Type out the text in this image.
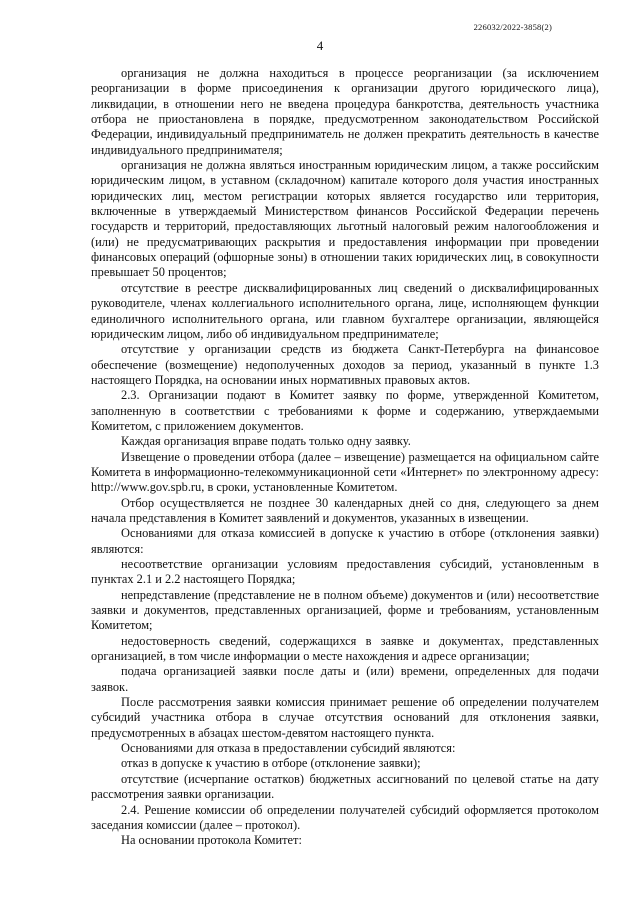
226032/2022-3858(2)
4

организация не должна находиться в процессе реорганизации (за исключением реорганизации в форме присоединения к организации другого юридического лица), ликвидации, в отношении него не введена процедура банкротства, деятельность участника отбора не приостановлена в порядке, предусмотренном законодательством Российской Федерации, индивидуальный предприниматель не должен прекратить деятельность в качестве индивидуального предпринимателя;

организация не должна являться иностранным юридическим лицом, а также российским юридическим лицом, в уставном (складочном) капитале которого доля участия иностранных юридических лиц, местом регистрации которых является государство или территория, включенные в утверждаемый Министерством финансов Российской Федерации перечень государств и территорий, предоставляющих льготный налоговый режим налогообложения и (или) не предусматривающих раскрытия и предоставления информации при проведении финансовых операций (офшорные зоны) в отношении таких юридических лиц, в совокупности превышает 50 процентов;

отсутствие в реестре дисквалифицированных лиц сведений о дисквалифицированных руководителе, членах коллегиального исполнительного органа, лице, исполняющем функции единоличного исполнительного органа, или главном бухгалтере организации, являющейся юридическим лицом, либо об индивидуальном предпринимателе;

отсутствие у организации средств из бюджета Санкт-Петербурга на финансовое обеспечение (возмещение) недополученных доходов за период, указанный в пункте 1.3 настоящего Порядка, на основании иных нормативных правовых актов.

2.3. Организации подают в Комитет заявку по форме, утвержденной Комитетом, заполненную в соответствии с требованиями к форме и содержанию, утверждаемыми Комитетом, с приложением документов.

Каждая организация вправе подать только одну заявку.

Извещение о проведении отбора (далее – извещение) размещается на официальном сайте Комитета в информационно-телекоммуникационной сети «Интернет» по электронному адресу: http://www.gov.spb.ru, в сроки, установленные Комитетом.

Отбор осуществляется не позднее 30 календарных дней со дня, следующего за днем начала представления в Комитет заявлений и документов, указанных в извещении.

Основаниями для отказа комиссией в допуске к участию в отборе (отклонения заявки) являются:

несоответствие организации условиям предоставления субсидий, установленным в пунктах 2.1 и 2.2 настоящего Порядка;

непредставление (представление не в полном объеме) документов и (или) несоответствие заявки и документов, представленных организацией, форме и требованиям, установленным Комитетом;

недостоверность сведений, содержащихся в заявке и документах, представленных организацией, в том числе информации о месте нахождения и адресе организации;

подача организацией заявки после даты и (или) времени, определенных для подачи заявок.

После рассмотрения заявки комиссия принимает решение об определении получателем субсидий участника отбора в случае отсутствия оснований для отклонения заявки, предусмотренных в абзацах шестом-девятом настоящего пункта.

Основаниями для отказа в предоставлении субсидий являются:

отказ в допуске к участию в отборе (отклонение заявки);

отсутствие (исчерпание остатков) бюджетных ассигнований по целевой статье на дату рассмотрения заявки организации.

2.4. Решение комиссии об определении получателей субсидий оформляется протоколом заседания комиссии (далее – протокол).

На основании протокола Комитет:
